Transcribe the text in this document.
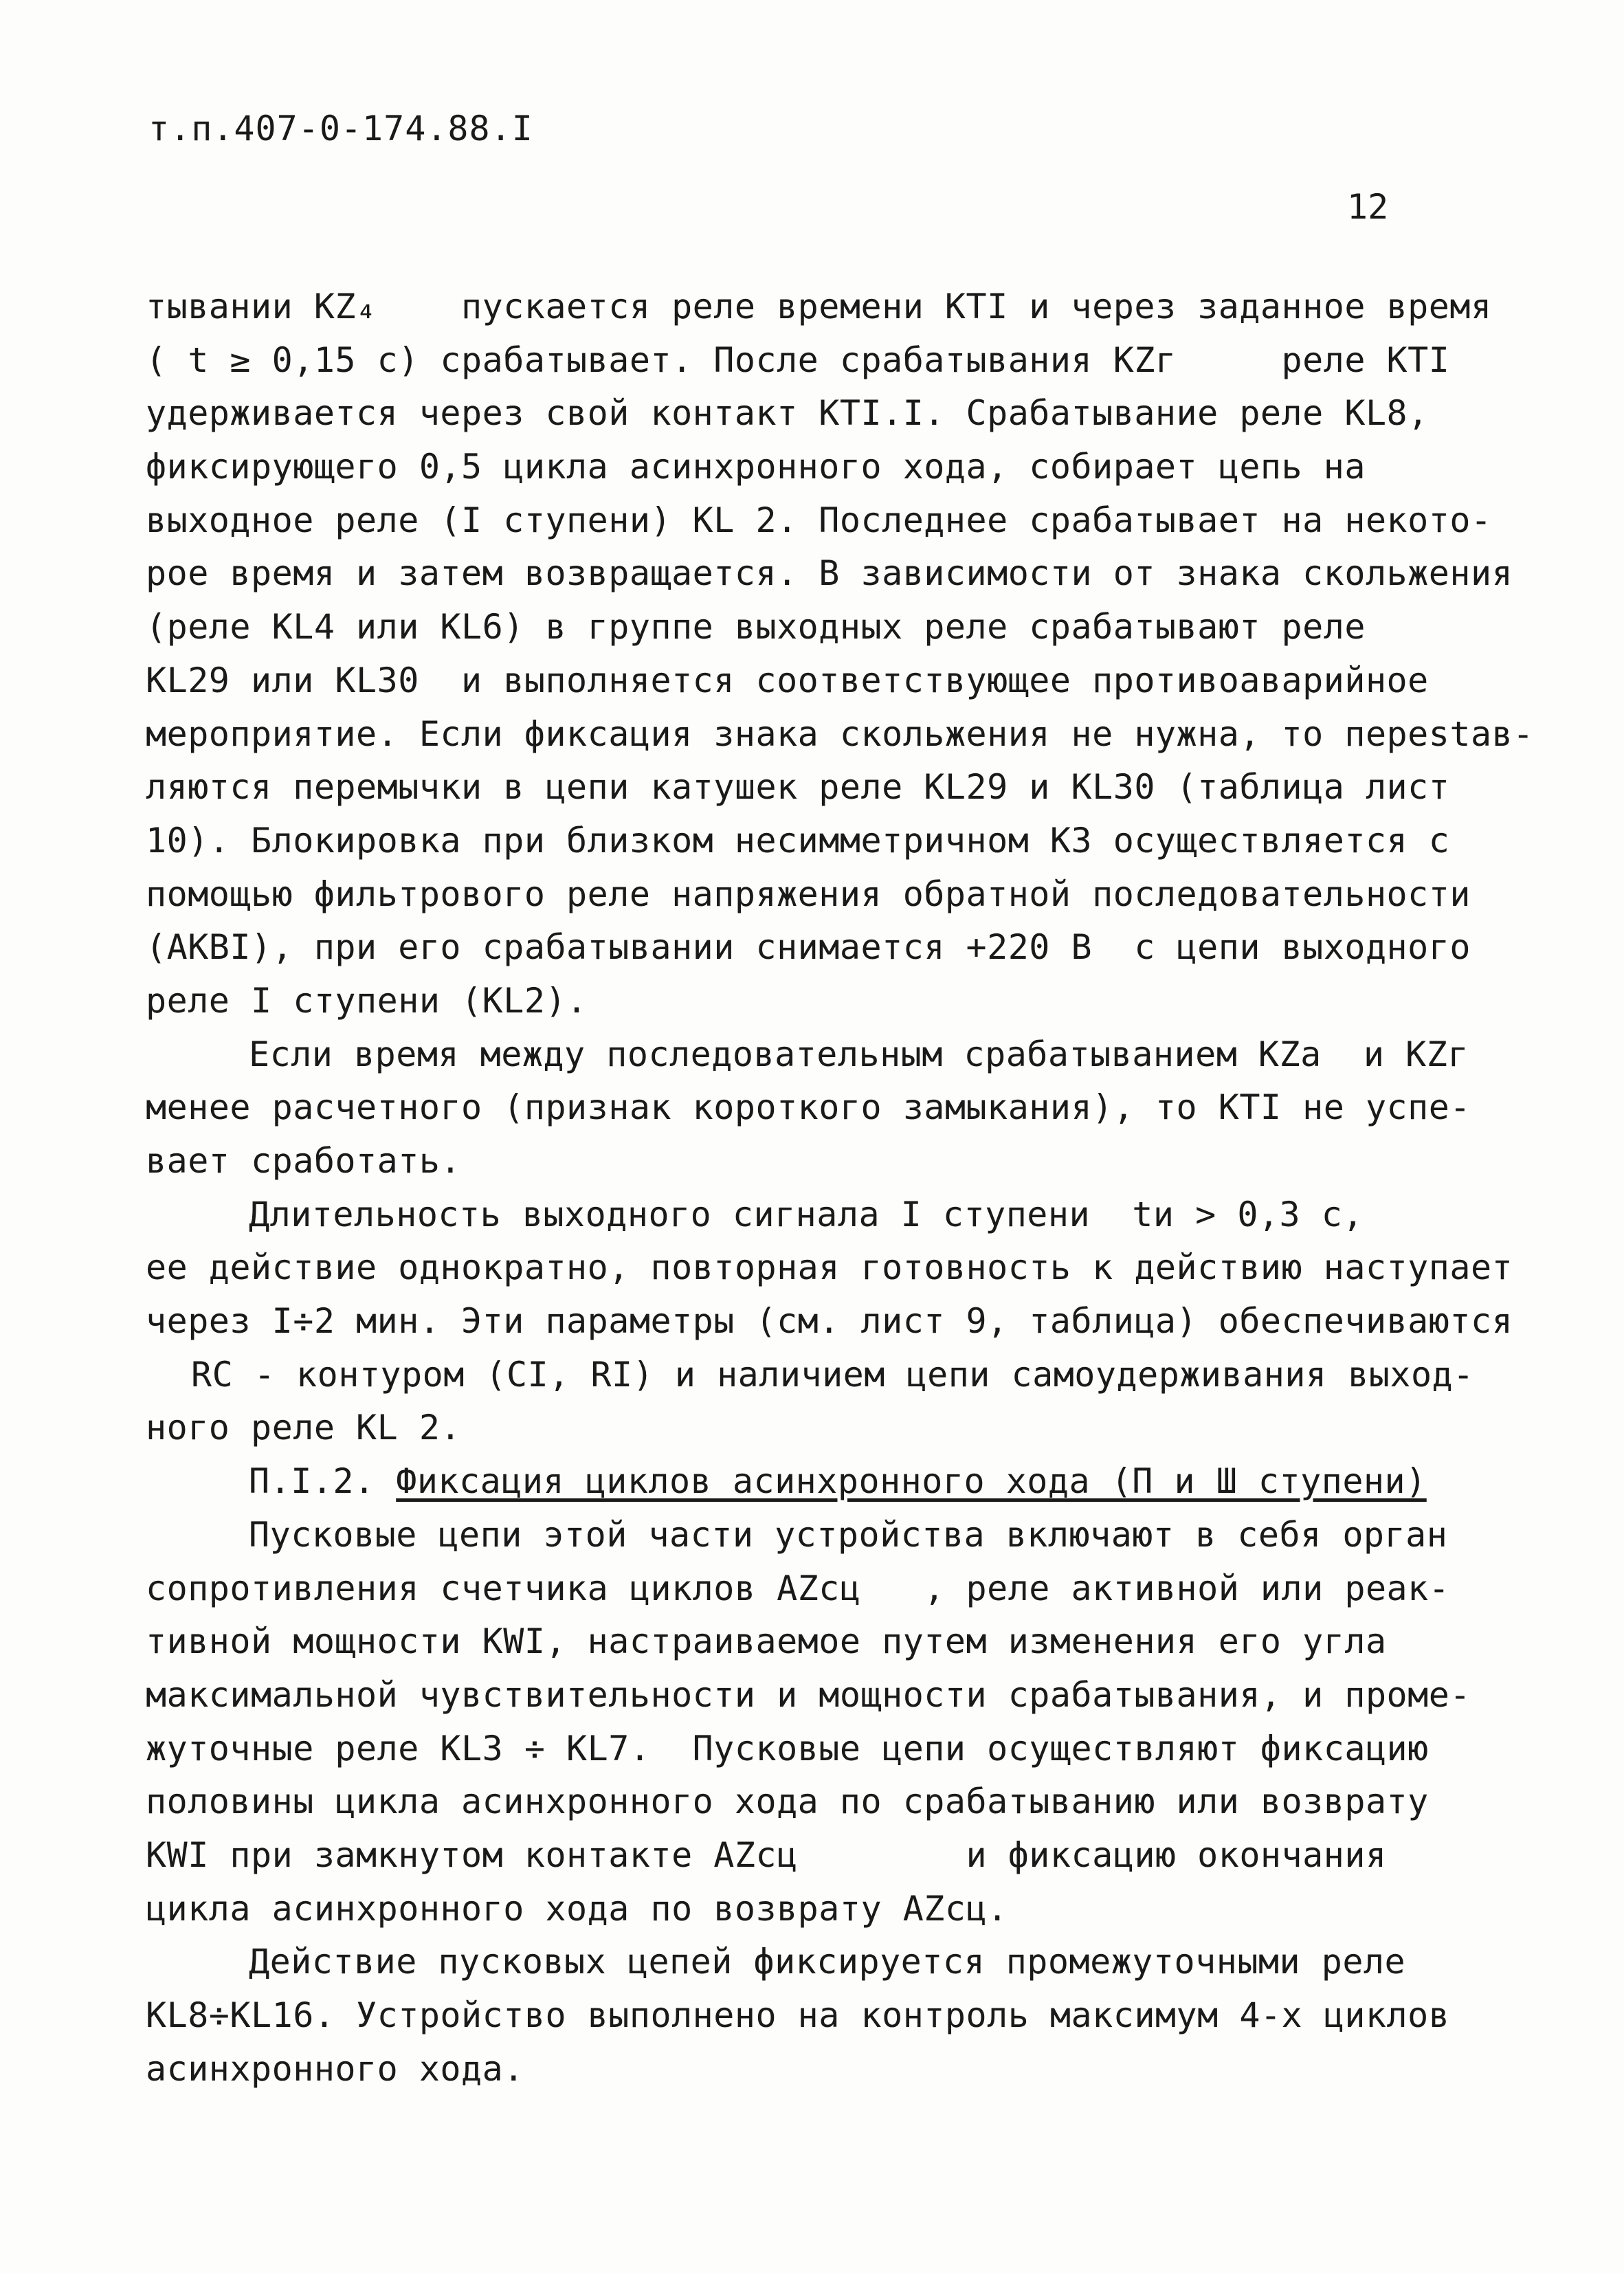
т.п.407-0-174.88.I
12
тывании KZ₄    пускается реле времени КТI и через заданное время
( t ≥ 0,15 с) срабатывает. После срабатывания KZг     реле КТI
удерживается через свой контакт КТI.I. Срабатывание реле КL8,
фиксирующего 0,5 цикла асинхронного хода, собирает цепь на
выходное реле (I ступени) КL 2. Последнее срабатывает на некото-
рое время и затем возвращается. В зависимости от знака скольжения
(реле КL4 или КL6) в группе выходных реле срабатывают реле
КL29 или КL30  и выполняется соответствующее противоаварийное
мероприятие. Если фиксация знака скольжения не нужна, то переstав-
ляются перемычки в цепи катушек реле КL29 и КL30 (таблица лист
10). Блокировка при близком несимметричном КЗ осуществляется с
помощью фильтрового реле напряжения обратной последовательности
(АКВI), при его срабатывании снимается +220 В  с цепи выходного
реле I ступени (КL2).
Если время между последовательным срабатыванием KZа  и KZг
менее расчетного (признак короткого замыкания), то КТI не успе-
вает сработать.
Длительность выходного сигнала I ступени  tи > 0,3 с,
ее действие однократно, повторная готовность к действию наступает
через I÷2 мин. Эти параметры (см. лист 9, таблица) обеспечиваются
RC - контуром (CI, RI) и наличием цепи самоудерживания выход-
ного реле КL 2.
П.I.2. Фиксация циклов асинхронного хода (П и Ш ступени)
Пусковые цепи этой части устройства включают в себя орган
сопротивления счетчика циклов AZсц   , реле активной или реак-
тивной мощности КWI, настраиваемое путем изменения его угла
максимальной чувствительности и мощности срабатывания, и проме-
жуточные реле КL3 ÷ КL7.  Пусковые цепи осуществляют фиксацию
половины цикла асинхронного хода по срабатыванию или возврату
КWI при замкнутом контакте AZсц        и фиксацию окончания
цикла асинхронного хода по возврату AZсц.
Действие пусковых цепей фиксируется промежуточными реле
КL8÷КL16. Устройство выполнено на контроль максимум 4-х циклов
асинхронного хода.
